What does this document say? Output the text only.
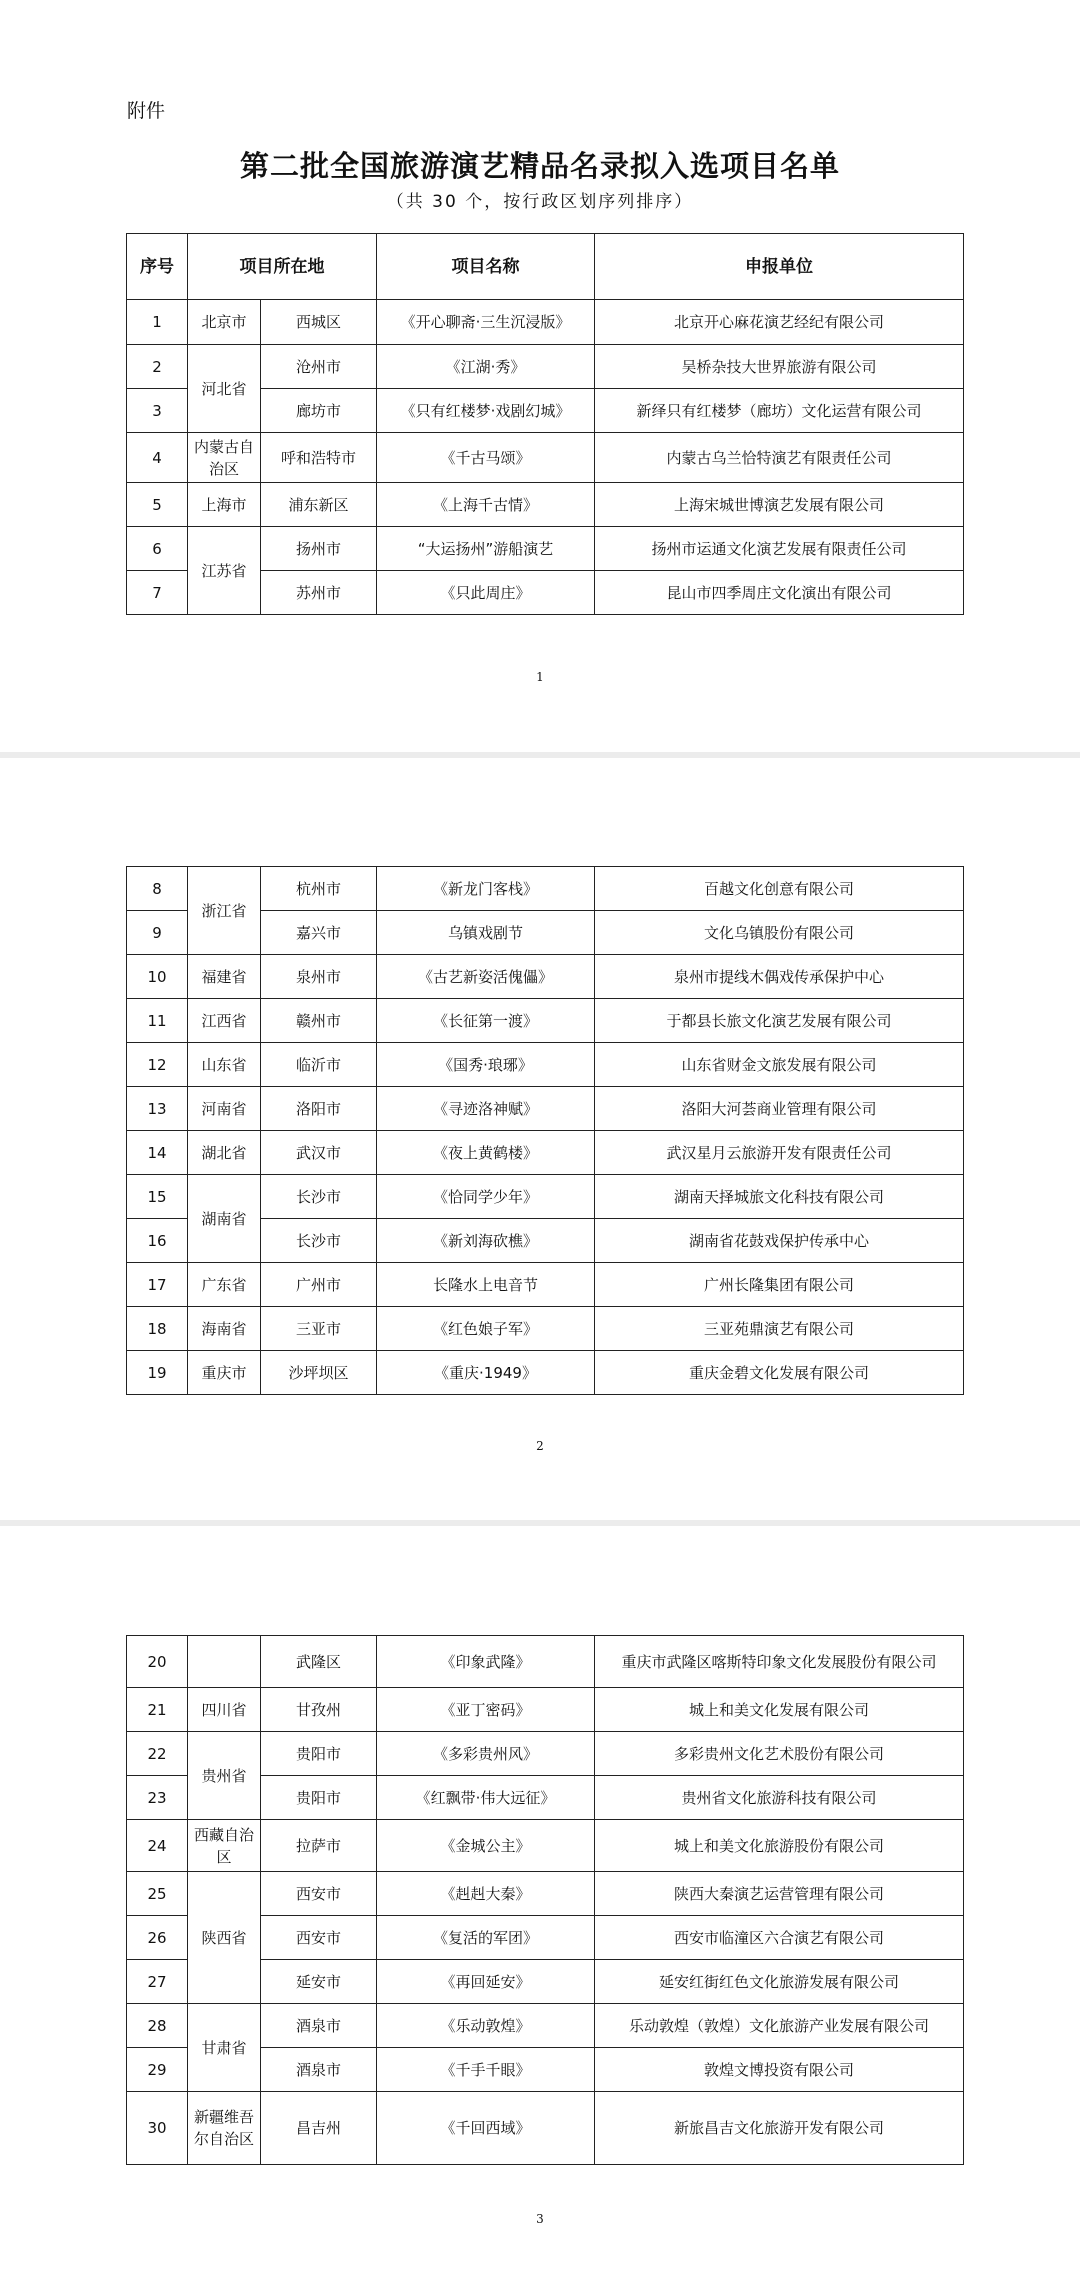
附件
第二批全国旅游演艺精品名录拟入选项目名单
（共 30 个，按行政区划序列排序）
序号	项目所在地		项目名称	申报单位
1	北京市	西城区	《开心聊斋·三生沉浸版》	北京开心麻花演艺经纪有限公司
2	河北省	沧州市	《江湖·秀》	吴桥杂技大世界旅游有限公司
3		廊坊市	《只有红楼梦·戏剧幻城》	新绎只有红楼梦（廊坊）文化运营有限公司
4	内蒙古自治区	呼和浩特市	《千古马颂》	内蒙古乌兰恰特演艺有限责任公司
5	上海市	浦东新区	《上海千古情》	上海宋城世博演艺发展有限公司
6	江苏省	扬州市	“大运扬州”游船演艺	扬州市运通文化演艺发展有限责任公司
7		苏州市	《只此周庄》	昆山市四季周庄文化演出有限公司
1
8	浙江省	杭州市	《新龙门客栈》	百越文化创意有限公司
9		嘉兴市	乌镇戏剧节	文化乌镇股份有限公司
10	福建省	泉州市	《古艺新姿活傀儡》	泉州市提线木偶戏传承保护中心
11	江西省	赣州市	《长征第一渡》	于都县长旅文化演艺发展有限公司
12	山东省	临沂市	《国秀·琅琊》	山东省财金文旅发展有限公司
13	河南省	洛阳市	《寻迹洛神赋》	洛阳大河荟商业管理有限公司
14	湖北省	武汉市	《夜上黄鹤楼》	武汉星月云旅游开发有限责任公司
15	湖南省	长沙市	《恰同学少年》	湖南天择城旅文化科技有限公司
16		长沙市	《新刘海砍樵》	湖南省花鼓戏保护传承中心
17	广东省	广州市	长隆水上电音节	广州长隆集团有限公司
18	海南省	三亚市	《红色娘子军》	三亚苑鼎演艺有限公司
19	重庆市	沙坪坝区	《重庆·1949》	重庆金碧文化发展有限公司
2
20		武隆区	《印象武隆》	重庆市武隆区喀斯特印象文化发展股份有限公司
21	四川省	甘孜州	《亚丁密码》	城上和美文化发展有限公司
22	贵州省	贵阳市	《多彩贵州风》	多彩贵州文化艺术股份有限公司
23		贵阳市	《红飘带·伟大远征》	贵州省文化旅游科技有限公司
24	西藏自治区	拉萨市	《金城公主》	城上和美文化旅游股份有限公司
25	陕西省	西安市	《赳赳大秦》	陕西大秦演艺运营管理有限公司
26		西安市	《复活的军团》	西安市临潼区六合演艺有限公司
27		延安市	《再回延安》	延安红街红色文化旅游发展有限公司
28	甘肃省	酒泉市	《乐动敦煌》	乐动敦煌（敦煌）文化旅游产业发展有限公司
29		酒泉市	《千手千眼》	敦煌文博投资有限公司
30	新疆维吾尔自治区	昌吉州	《千回西域》	新旅昌吉文化旅游开发有限公司
3
